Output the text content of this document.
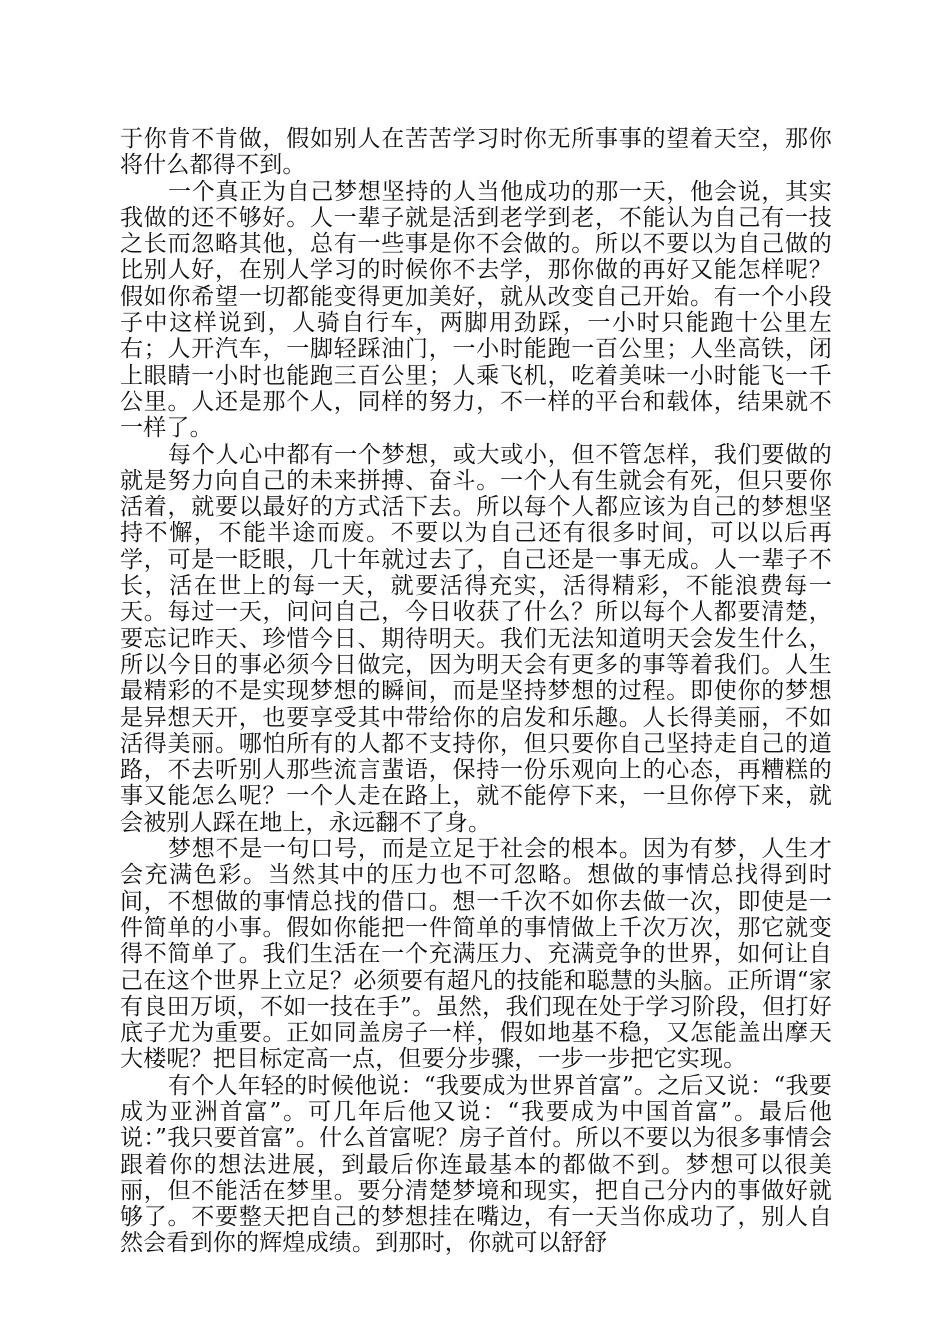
于你肯不肯做，假如别人在苦苦学习时你无所事事的望着天空，那你将什么都得不到。

一个真正为自己梦想坚持的人当他成功的那一天，他会说，其实我做的还不够好。人一辈子就是活到老学到老，不能认为自己有一技之长而忽略其他，总有一些事是你不会做的。所以不要以为自己做的比别人好，在别人学习的时候你不去学，那你做的再好又能怎样呢？假如你希望一切都能变得更加美好，就从改变自己开始。有一个小段子中这样说到，人骑自行车，两脚用劲踩，一小时只能跑十公里左右；人开汽车，一脚轻踩油门，一小时能跑一百公里；人坐高铁，闭上眼睛一小时也能跑三百公里；人乘飞机，吃着美味一小时能飞一千公里。人还是那个人，同样的努力，不一样的平台和载体，结果就不一样了。

每个人心中都有一个梦想，或大或小，但不管怎样，我们要做的就是努力向自己的未来拼搏、奋斗。一个人有生就会有死，但只要你活着，就要以最好的方式活下去。所以每个人都应该为自己的梦想坚持不懈，不能半途而废。不要以为自己还有很多时间，可以以后再学，可是一眨眼，几十年就过去了，自己还是一事无成。人一辈子不长，活在世上的每一天，就要活得充实，活得精彩，不能浪费每一天。每过一天，问问自己，今日收获了什么？所以每个人都要清楚，要忘记昨天、珍惜今日、期待明天。我们无法知道明天会发生什么，所以今日的事必须今日做完，因为明天会有更多的事等着我们。人生最精彩的不是实现梦想的瞬间，而是坚持梦想的过程。即使你的梦想是异想天开，也要享受其中带给你的启发和乐趣。人长得美丽，不如活得美丽。哪怕所有的人都不支持你，但只要你自己坚持走自己的道路，不去听别人那些流言蜚语，保持一份乐观向上的心态，再糟糕的事又能怎么呢？一个人走在路上，就不能停下来，一旦你停下来，就会被别人踩在地上，永远翻不了身。

梦想不是一句口号，而是立足于社会的根本。因为有梦，人生才会充满色彩。当然其中的压力也不可忽略。想做的事情总找得到时间，不想做的事情总找的借口。想一千次不如你去做一次，即使是一件简单的小事。假如你能把一件简单的事情做上千次万次，那它就变得不简单了。我们生活在一个充满压力、充满竞争的世界，如何让自己在这个世界上立足？必须要有超凡的技能和聪慧的头脑。正所谓“家有良田万顷，不如一技在手”。虽然，我们现在处于学习阶段，但打好底子尤为重要。正如同盖房子一样，假如地基不稳，又怎能盖出摩天大楼呢？把目标定高一点，但要分步骤，一步一步把它实现。

有个人年轻的时候他说：“我要成为世界首富”。之后又说：“我要成为亚洲首富”。可几年后他又说：“我要成为中国首富”。最后他说：”我只要首富”。什么首富呢？房子首付。所以不要以为很多事情会跟着你的想法进展，到最后你连最基本的都做不到。梦想可以很美丽，但不能活在梦里。要分清楚梦境和现实，把自己分内的事做好就够了。不要整天把自己的梦想挂在嘴边，有一天当你成功了，别人自然会看到你的辉煌成绩。到那时，你就可以舒舒
